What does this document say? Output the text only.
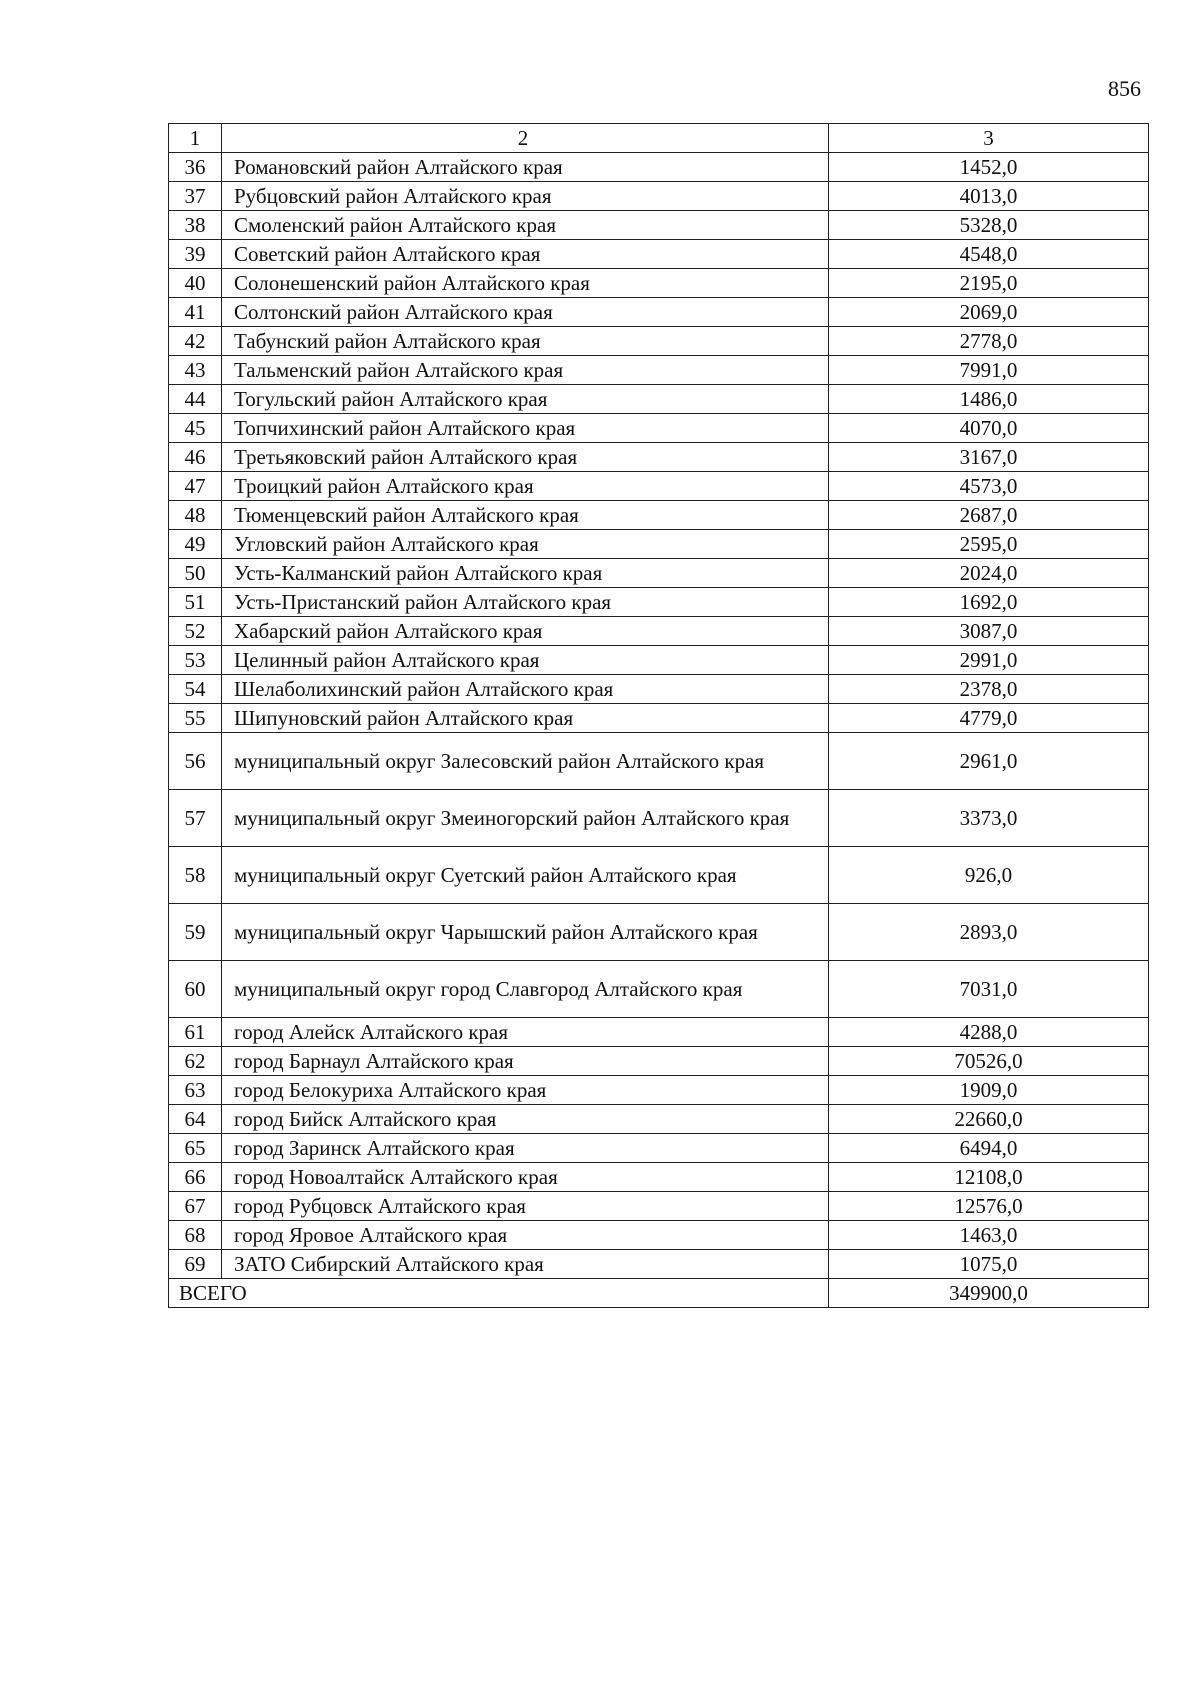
856
1	2	3
36	Романовский район Алтайского края	1452,0
37	Рубцовский район Алтайского края	4013,0
38	Смоленский район Алтайского края	5328,0
39	Советский район Алтайского края	4548,0
40	Солонешенский район Алтайского края	2195,0
41	Солтонский район Алтайского края	2069,0
42	Табунский район Алтайского края	2778,0
43	Тальменский район Алтайского края	7991,0
44	Тогульский район Алтайского края	1486,0
45	Топчихинский район Алтайского края	4070,0
46	Третьяковский район Алтайского края	3167,0
47	Троицкий район Алтайского края	4573,0
48	Тюменцевский район Алтайского края	2687,0
49	Угловский район Алтайского края	2595,0
50	Усть-Калманский район Алтайского края	2024,0
51	Усть-Пристанский район Алтайского края	1692,0
52	Хабарский район Алтайского края	3087,0
53	Целинный район Алтайского края	2991,0
54	Шелаболихинский район Алтайского края	2378,0
55	Шипуновский район Алтайского края	4779,0
56	муниципальный округ Залесовский район Алтайского края	2961,0
57	муниципальный округ Змеиногорский район Алтайского края	3373,0
58	муниципальный округ Суетский район Алтайского края	926,0
59	муниципальный округ Чарышский район Алтайского края	2893,0
60	муниципальный округ город Славгород Алтайского края	7031,0
61	город Алейск Алтайского края	4288,0
62	город Барнаул Алтайского края	70526,0
63	город Белокуриха Алтайского края	1909,0
64	город Бийск Алтайского края	22660,0
65	город Заринск Алтайского края	6494,0
66	город Новоалтайск Алтайского края	12108,0
67	город Рубцовск Алтайского края	12576,0
68	город Яровое Алтайского края	1463,0
69	ЗАТО Сибирский Алтайского края	1075,0
ВСЕГО		349900,0
